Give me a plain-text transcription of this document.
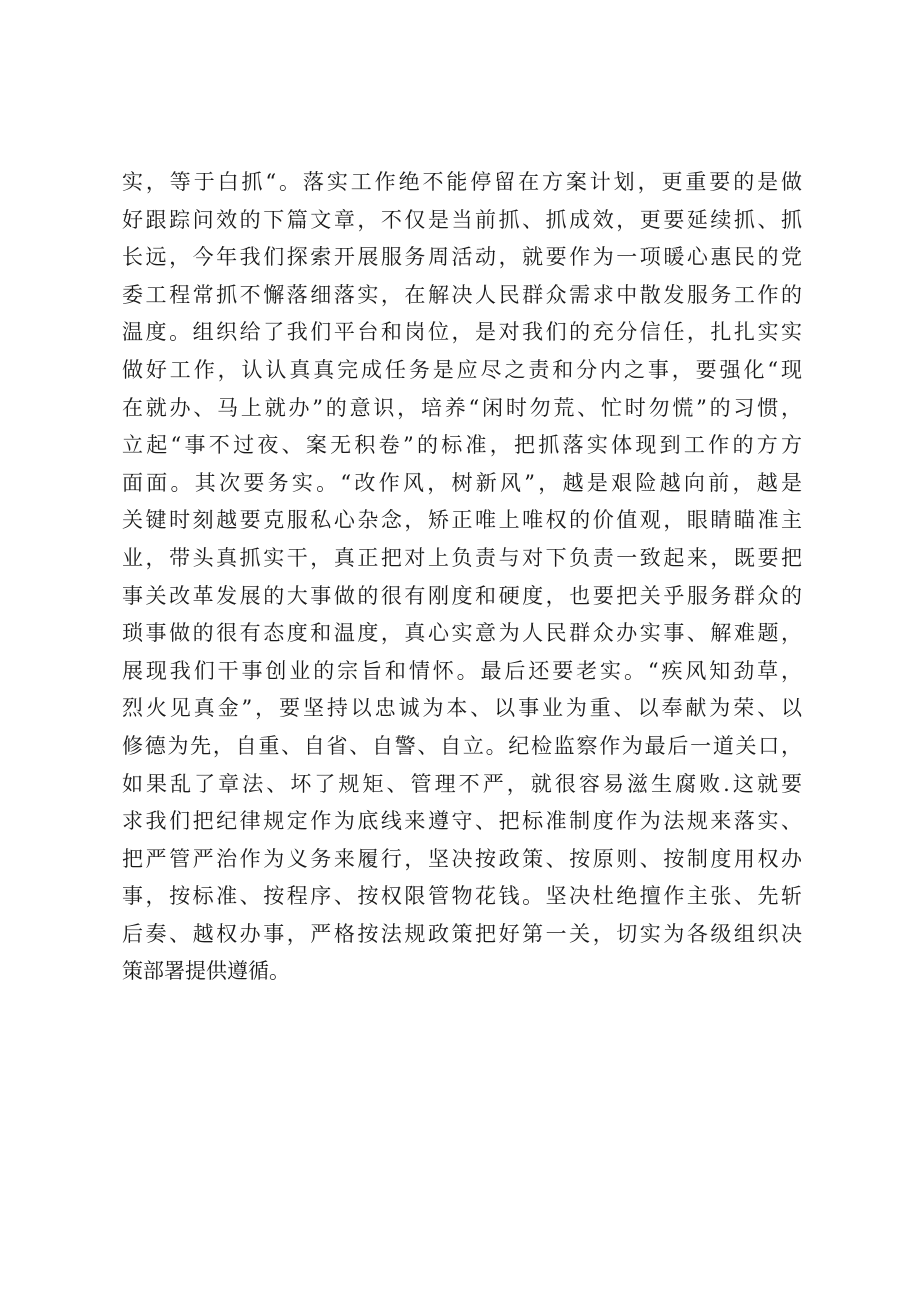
实，等于白抓“。落实工作绝不能停留在方案计划，更重要的是做
好跟踪问效的下篇文章，不仅是当前抓、抓成效，更要延续抓、抓
长远，今年我们探索开展服务周活动，就要作为一项暖心惠民的党
委工程常抓不懈落细落实，在解决人民群众需求中散发服务工作的
温度。组织给了我们平台和岗位，是对我们的充分信任，扎扎实实
做好工作，认认真真完成任务是应尽之责和分内之事，要强化“现
在就办、马上就办”的意识，培养“闲时勿荒、忙时勿慌”的习惯，
立起“事不过夜、案无积卷”的标准，把抓落实体现到工作的方方
面面。其次要务实。“改作风，树新风”，越是艰险越向前，越是
关键时刻越要克服私心杂念，矫正唯上唯权的价值观，眼睛瞄准主
业，带头真抓实干，真正把对上负责与对下负责一致起来，既要把
事关改革发展的大事做的很有刚度和硬度，也要把关乎服务群众的
琐事做的很有态度和温度，真心实意为人民群众办实事、解难题，
展现我们干事创业的宗旨和情怀。最后还要老实。“疾风知劲草，
烈火见真金”，要坚持以忠诚为本、以事业为重、以奉献为荣、以
修德为先，自重、自省、自警、自立。纪检监察作为最后一道关口，
如果乱了章法、坏了规矩、管理不严，就很容易滋生腐败.这就要
求我们把纪律规定作为底线来遵守、把标准制度作为法规来落实、
把严管严治作为义务来履行，坚决按政策、按原则、按制度用权办
事，按标准、按程序、按权限管物花钱。坚决杜绝擅作主张、先斩
后奏、越权办事，严格按法规政策把好第一关，切实为各级组织决
策部署提供遵循。
